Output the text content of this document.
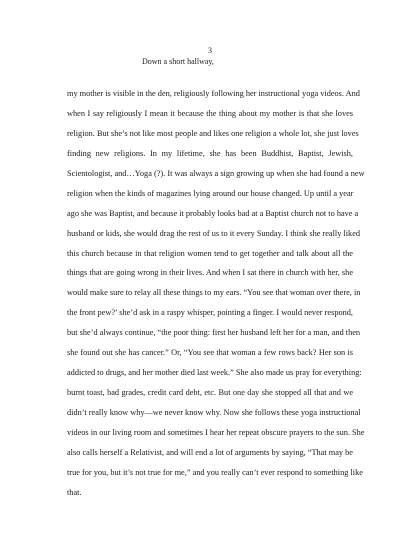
3
Down a short hallway,
my mother is visible in the den, religiously following her instructional yoga videos. And
when I say religiously I mean it because the thing about my mother is that she loves
religion. But she’s not like most people and likes one religion a whole lot, she just loves
finding new religions. In my lifetime, she has been Buddhist, Baptist, Jewish,
Scientologist, and…Yoga (?). It was always a sign growing up when she had found a new
religion when the kinds of magazines lying around our house changed. Up until a year
ago she was Baptist, and because it probably looks bad at a Baptist church not to have a
husband or kids, she would drag the rest of us to it every Sunday. I think she really liked
this church because in that religion women tend to get together and talk about all the
things that are going wrong in their lives. And when I sat there in church with her, she
would make sure to relay all these things to my ears. “You see that woman over there, in
the front pew?’ she’d ask in a raspy whisper, pointing a finger. I would never respond,
but she’d always continue, “the poor thing: first her husband left her for a man, and then
she found out she has cancer.” Or, “You see that woman a few rows back? Her son is
addicted to drugs, and her mother died last week.” She also made us pray for everything:
burnt toast, bad grades, credit card debt, etc. But one day she stopped all that and we
didn’t really know why—we never know why. Now she follows these yoga instructional
videos in our living room and sometimes I hear her repeat obscure prayers to the sun. She
also calls herself a Relativist, and will end a lot of arguments by saying, “That may be
true for you, but it’s not true for me,” and you really can’t ever respond to something like
that.
